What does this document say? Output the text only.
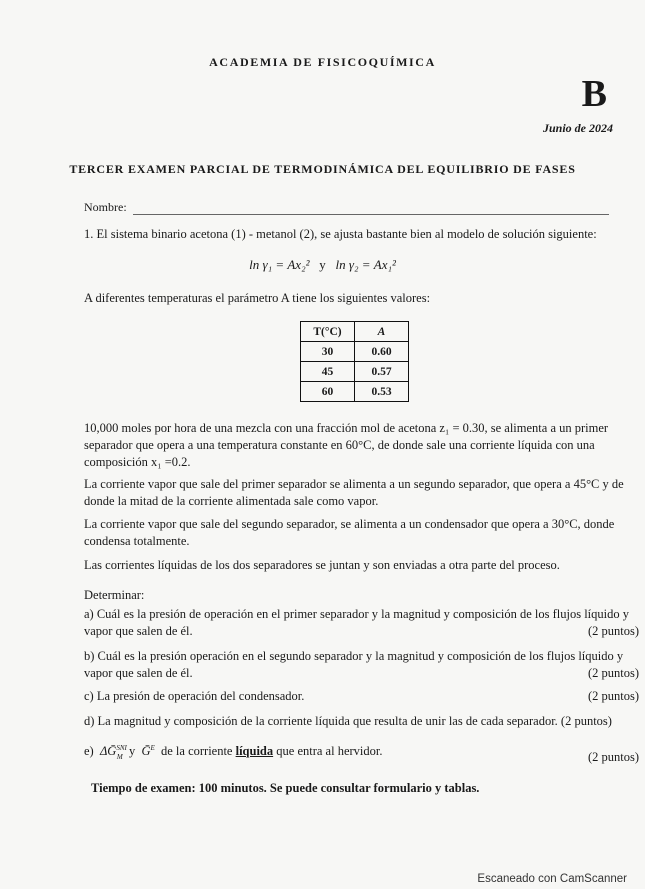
ACADEMIA DE FISICOQUÍMICA
B
Junio de 2024
TERCER EXAMEN PARCIAL DE TERMODINÁMICA DEL EQUILIBRIO DE FASES
Nombre:
1. El sistema binario acetona (1) - metanol (2), se ajusta bastante bien al modelo de solución siguiente:
ln γ₁ = Ax₂² y ln γ₂ = Ax₁²
A diferentes temperaturas el parámetro A tiene los siguientes valores:
T(°C)	A
30	0.60
45	0.57
60	0.53
10,000 moles por hora de una mezcla con una fracción mol de acetona z₁ = 0.30, se alimenta a un primer separador que opera a una temperatura constante en 60°C, de donde sale una corriente líquida con una composición x₁ =0.2.
La corriente vapor que sale del primer separador se alimenta a un segundo separador, que opera a 45°C y de donde la mitad de la corriente alimentada sale como vapor.
La corriente vapor que sale del segundo separador, se alimenta a un condensador que opera a 30°C, donde condensa totalmente.
Las corrientes líquidas de los dos separadores se juntan y son enviadas a otra parte del proceso.
Determinar:
a) Cuál es la presión de operación en el primer separador y la magnitud y composición de los flujos líquido y vapor que salen de él.	(2 puntos)
b) Cuál es la presión operación en el segundo separador y la magnitud y composición de los flujos líquido y vapor que salen de él.	(2 puntos)
c) La presión de operación del condensador.	(2 puntos)
d) La magnitud y composición de la corriente líquida que resulta de unir las de cada separador. (2 puntos)
e) ΔḠ$^{SNI}_M$ y Ḡ$^E$ de la corriente líquida que entra al hervidor.	(2 puntos)
Tiempo de examen: 100 minutos. Se puede consultar formulario y tablas.
Escaneado con CamScanner
